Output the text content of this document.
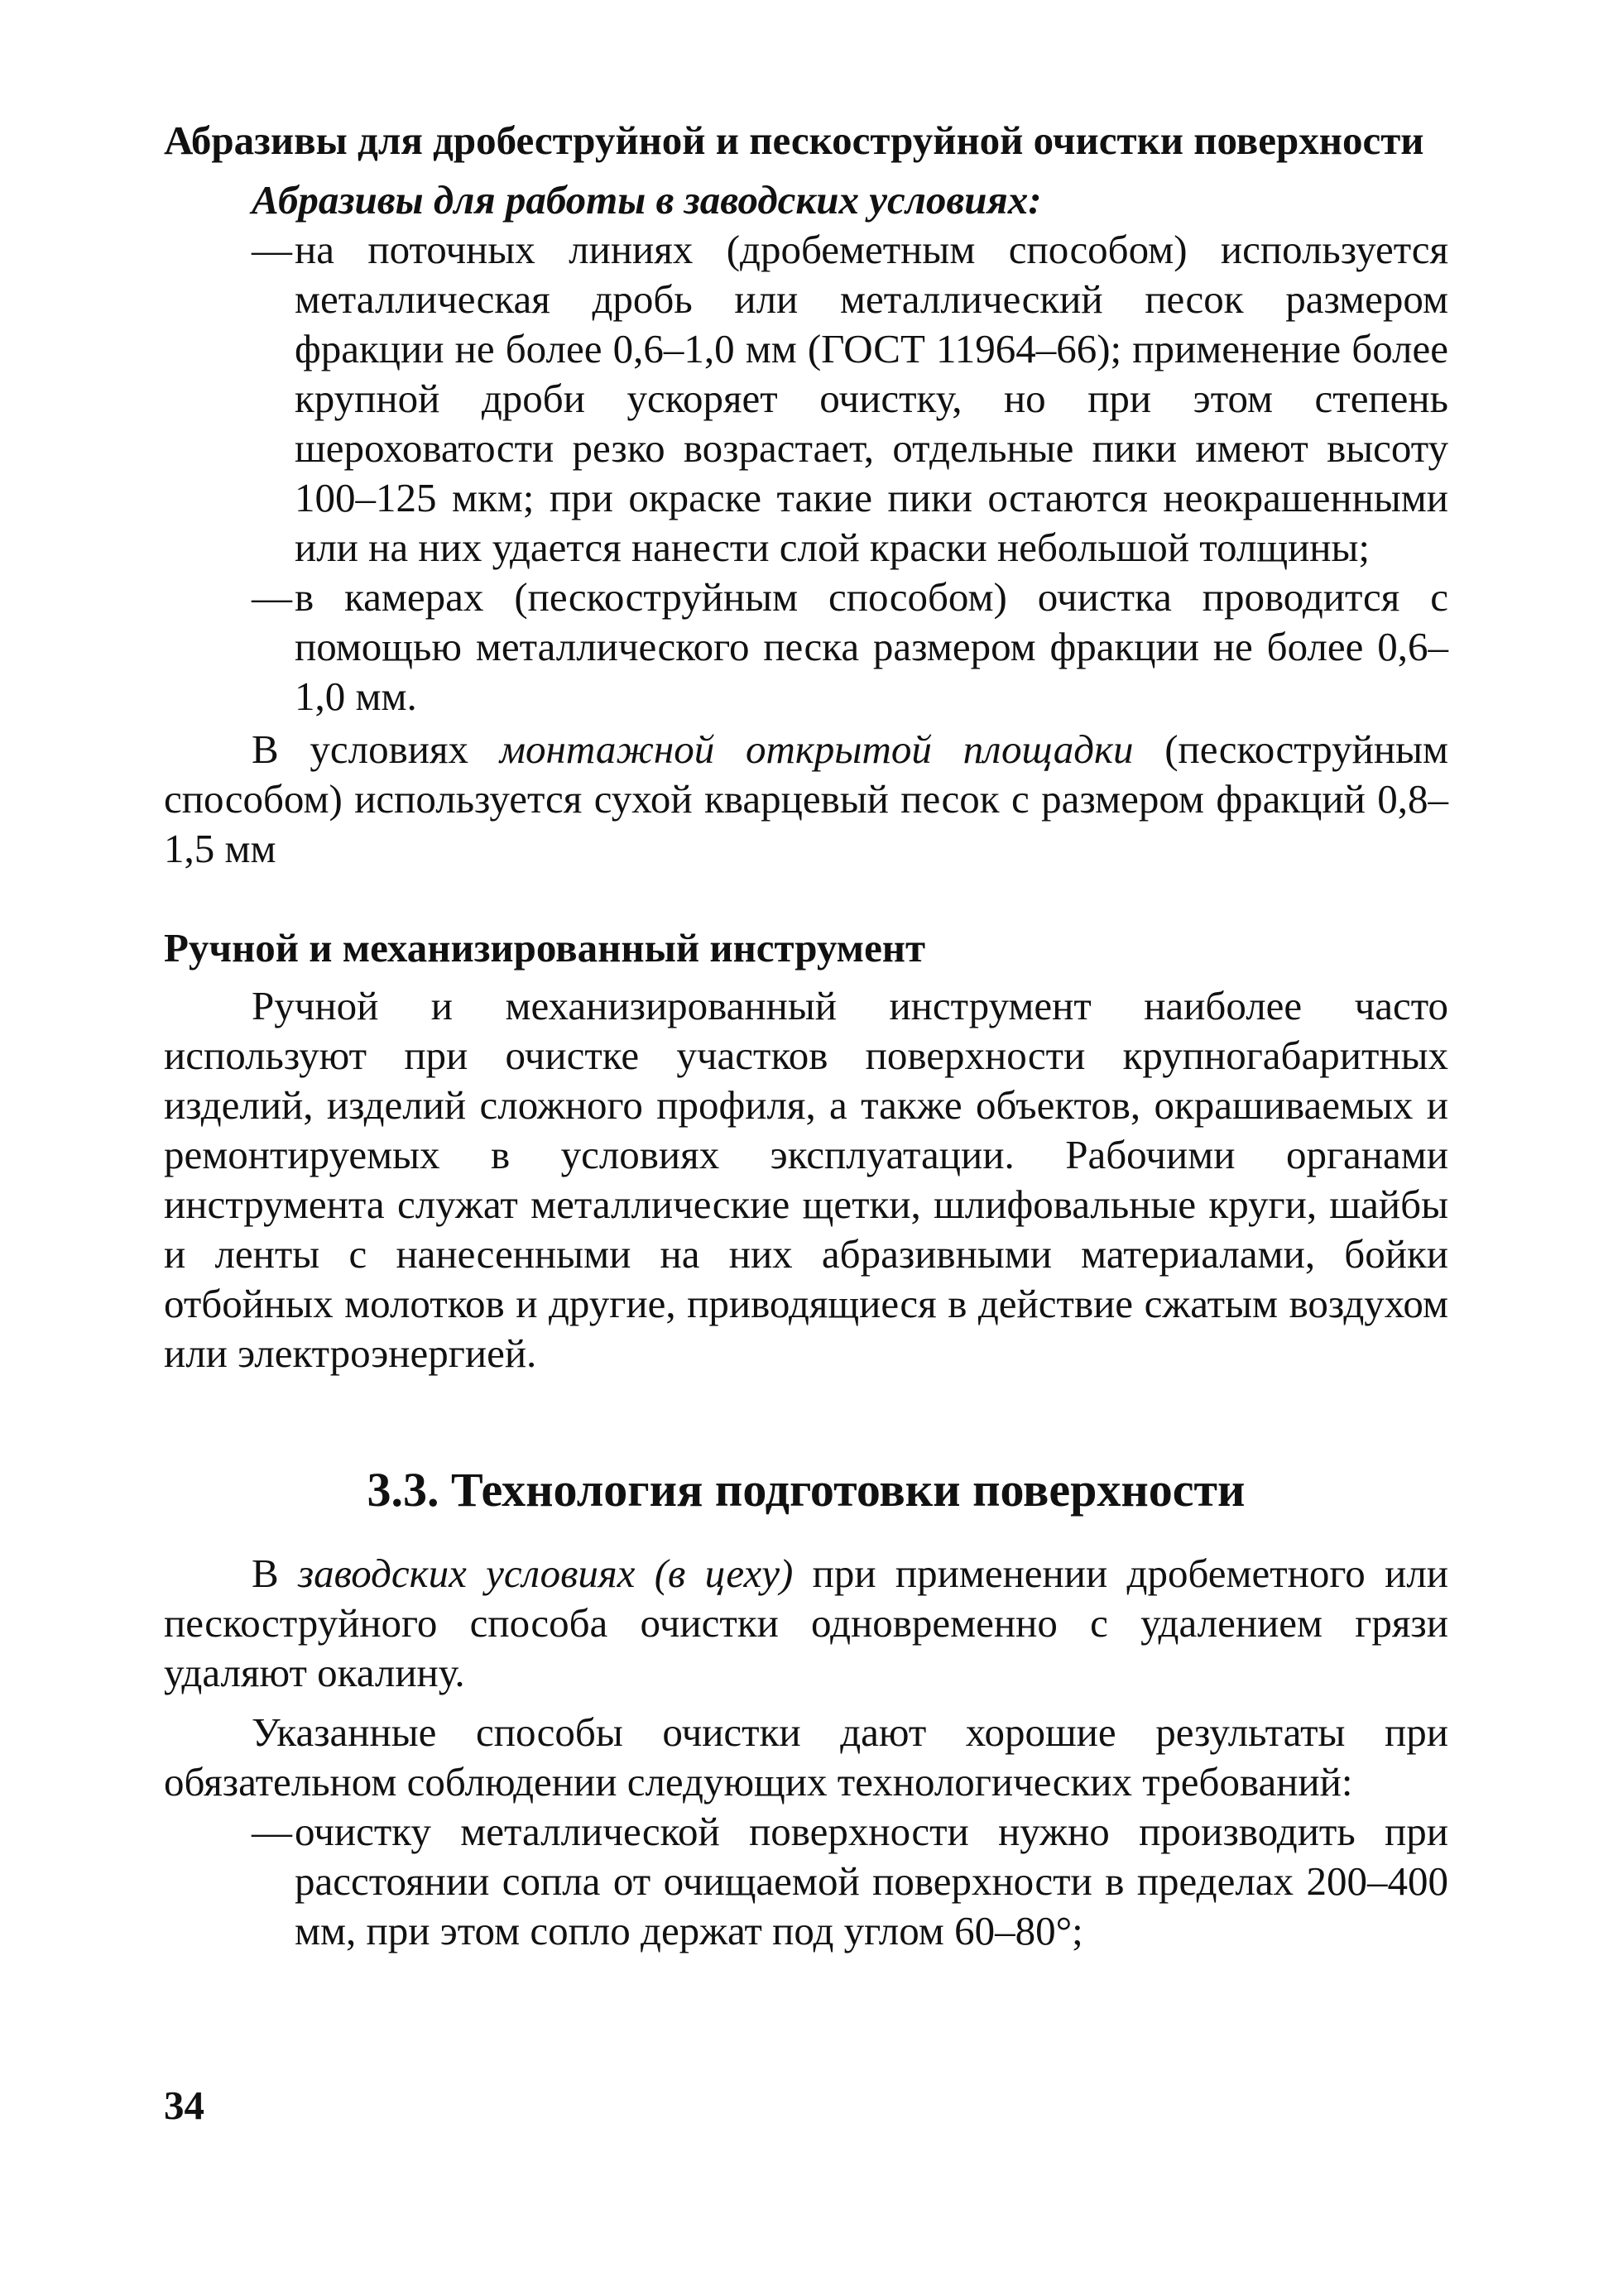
Абразивы для дробеструйной и пескоструйной очистки поверхности
Абразивы для работы в заводских условиях:
— на поточных линиях (дробеметным способом) используется металлическая дробь или металлический песок размером фракции не более 0,6–1,0 мм (ГОСТ 11964–66); применение более крупной дроби ускоряет очистку, но при этом степень шероховатости резко возрастает, отдельные пики имеют высоту 100–125 мкм; при окраске такие пики остаются неокрашенными или на них удается нанести слой краски небольшой толщины;
— в камерах (пескоструйным способом) очистка проводится с помощью металлического песка размером фракции не более 0,6–1,0 мм.

В условиях монтажной открытой площадки (пескоструйным способом) используется сухой кварцевый песок с размером фракций 0,8–1,5 мм

Ручной и механизированный инструмент

Ручной и механизированный инструмент наиболее часто используют при очистке участков поверхности крупногабаритных изделий, изделий сложного профиля, а также объектов, окрашиваемых и ремонтируемых в условиях эксплуатации. Рабочими органами инструмента служат металлические щетки, шлифовальные круги, шайбы и ленты с нанесенными на них абразивными материалами, бойки отбойных молотков и другие, приводящиеся в действие сжатым воздухом или электроэнергией.

3.3. Технология подготовки поверхности

В заводских условиях (в цеху) при применении дробеметного или пескоструйного способа очистки одновременно с удалением грязи удаляют окалину.

Указанные способы очистки дают хорошие результаты при обязательном соблюдении следующих технологических требований:

— очистку металлической поверхности нужно производить при расстоянии сопла от очищаемой поверхности в пределах 200–400 мм, при этом сопло держат под углом 60–80°;
34
